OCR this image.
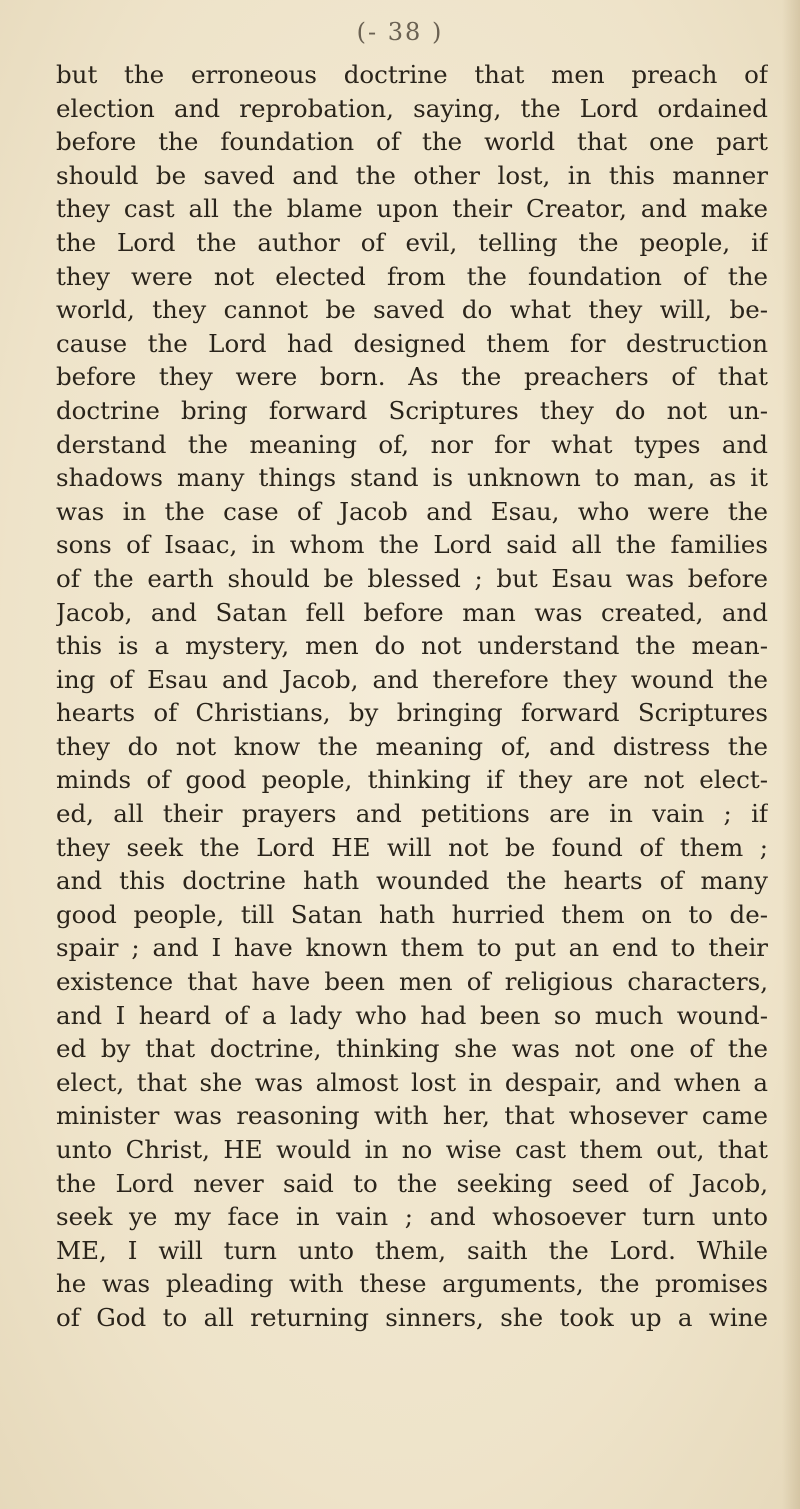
(- 38 )
but the erroneous doctrine that men preach of
election and reprobation, saying, the Lord ordained
before the foundation of the world that one part
should be saved and the other lost, in this manner
they cast all the blame upon their Creator, and make
the Lord the author of evil, telling the people, if
they were not elected from the foundation of the
world, they cannot be saved do what they will, be-
cause the Lord had designed them for destruction
before they were born. As the preachers of that
doctrine bring forward Scriptures they do not un-
derstand the meaning of, nor for what types and
shadows many things stand is unknown to man, as it
was in the case of Jacob and Esau, who were the
sons of Isaac, in whom the Lord said all the families
of the earth should be blessed ; but Esau was before
Jacob, and Satan fell before man was created, and
this is a mystery, men do not understand the mean-
ing of Esau and Jacob, and therefore they wound the
hearts of Christians, by bringing forward Scriptures
they do not know the meaning of, and distress the
minds of good people, thinking if they are not elect-
ed, all their prayers and petitions are in vain ; if
they seek the Lord HE will not be found of them ;
and this doctrine hath wounded the hearts of many
good people, till Satan hath hurried them on to de-
spair ; and I have known them to put an end to their
existence that have been men of religious characters,
and I heard of a lady who had been so much wound-
ed by that doctrine, thinking she was not one of the
elect, that she was almost lost in despair, and when a
minister was reasoning with her, that whosever came
unto Christ, HE would in no wise cast them out, that
the Lord never said to the seeking seed of Jacob,
seek ye my face in vain ; and whosoever turn unto
ME, I will turn unto them, saith the Lord. While
he was pleading with these arguments, the promises
of God to all returning sinners, she took up a wine
